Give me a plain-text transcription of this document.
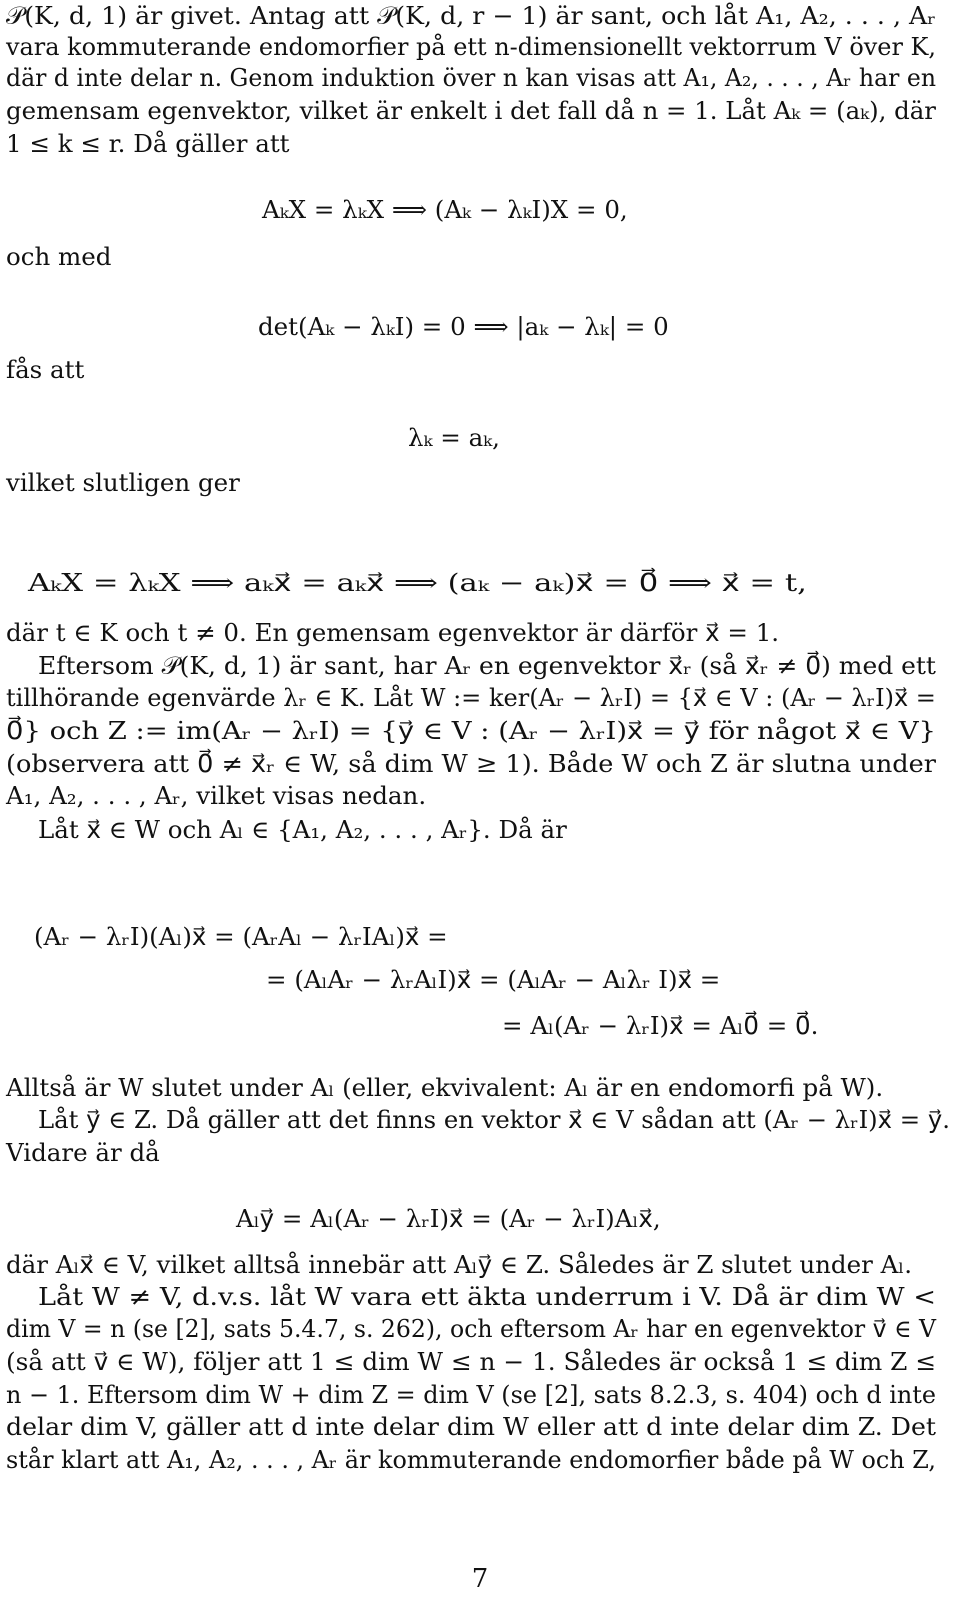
𝒫(K, d, 1) är givet. Antag att 𝒫(K, d, r − 1) är sant, och låt A₁, A₂, . . . , Aᵣ
vara kommuterande endomorfier på ett n-dimensionellt vektorrum V över K,
där d inte delar n. Genom induktion över n kan visas att A₁, A₂, . . . , Aᵣ har en
gemensam egenvektor, vilket är enkelt i det fall då n = 1. Låt Aₖ = (aₖ), där
1 ≤ k ≤ r. Då gäller att
AₖX = λₖX ⟹ (Aₖ − λₖI)X = 0,
och med
det(Aₖ − λₖI) = 0 ⟹ |aₖ − λₖ| = 0
fås att
λₖ = aₖ,
vilket slutligen ger
AₖX = λₖX ⟹ aₖx⃗ = aₖx⃗ ⟹ (aₖ − aₖ)x⃗ = 0⃗ ⟹ x⃗ = t,
där t ∈ K och t ≠ 0. En gemensam egenvektor är därför x⃗ = 1.
Eftersom 𝒫(K, d, 1) är sant, har Aᵣ en egenvektor x⃗ᵣ (så x⃗ᵣ ≠ 0⃗) med ett
tillhörande egenvärde λᵣ ∈ K. Låt W := ker(Aᵣ − λᵣI) = {x⃗ ∈ V : (Aᵣ − λᵣI)x⃗ =
0⃗} och Z := im(Aᵣ − λᵣI) = {y⃗ ∈ V : (Aᵣ − λᵣI)x⃗ = y⃗ för något x⃗ ∈ V}
(observera att 0⃗ ≠ x⃗ᵣ ∈ W, så dim W ≥ 1). Både W och Z är slutna under
A₁, A₂, . . . , Aᵣ, vilket visas nedan.
Låt x⃗ ∈ W och Aₗ ∈ {A₁, A₂, . . . , Aᵣ}. Då är
(Aᵣ − λᵣI)(Aₗ)x⃗ = (AᵣAₗ − λᵣIAₗ)x⃗ =
= (AₗAᵣ − λᵣAₗI)x⃗ = (AₗAᵣ − Aₗλᵣ I)x⃗ =
= Aₗ(Aᵣ − λᵣI)x⃗ = Aₗ0⃗ = 0⃗.
Alltså är W slutet under Aₗ (eller, ekvivalent: Aₗ är en endomorfi på W).
Låt y⃗ ∈ Z. Då gäller att det finns en vektor x⃗ ∈ V sådan att (Aᵣ − λᵣI)x⃗ = y⃗.
Vidare är då
Aₗy⃗ = Aₗ(Aᵣ − λᵣI)x⃗ = (Aᵣ − λᵣI)Aₗx⃗,
där Aₗx⃗ ∈ V, vilket alltså innebär att Aₗy⃗ ∈ Z. Således är Z slutet under Aₗ.
Låt W ≠ V, d.v.s. låt W vara ett äkta underrum i V. Då är dim W <
dim V = n (se [2], sats 5.4.7, s. 262), och eftersom Aᵣ har en egenvektor v⃗ ∈ V
(så att v⃗ ∈ W), följer att 1 ≤ dim W ≤ n − 1. Således är också 1 ≤ dim Z ≤
n − 1. Eftersom dim W + dim Z = dim V (se [2], sats 8.2.3, s. 404) och d inte
delar dim V, gäller att d inte delar dim W eller att d inte delar dim Z. Det
står klart att A₁, A₂, . . . , Aᵣ är kommuterande endomorfier både på W och Z,
7
